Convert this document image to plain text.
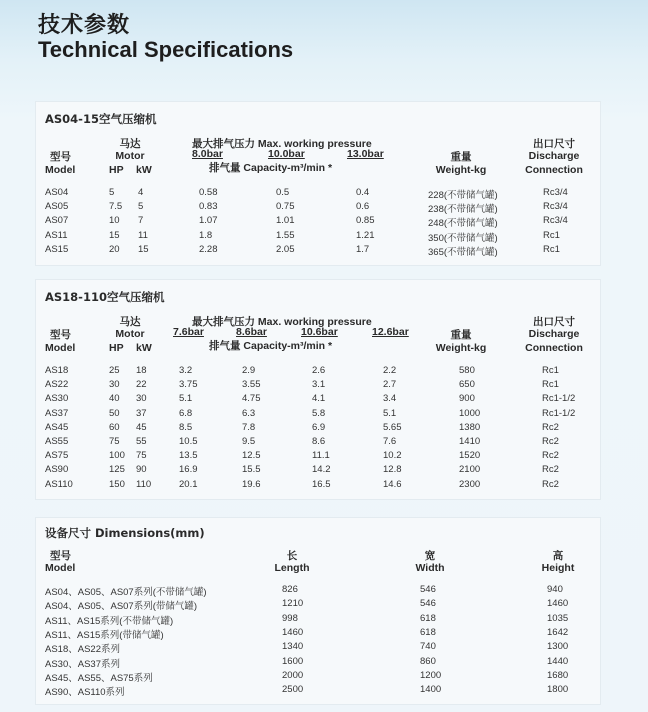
技术参数
Technical Specifications
AS04-15空气压缩机
型号
Model
马达
Motor
HP kW
最大排气压力 Max. working pressure
8.0bar	10.0bar	13.0bar
排气量 Capacity-m³/min *
重量
Weight-kg
出口尺寸
Discharge
Connection
AS04	5 4	0.58	0.5	0.4	228(不带储气罐)	Rc3/4
AS05	7.5 5	0.83	0.75	0.6	238(不带储气罐)	Rc3/4
AS07	10 7	1.07	1.01	0.85	248(不带储气罐)	Rc3/4
AS11	15 11	1.8	1.55	1.21	350(不带储气罐)	Rc1
AS15	20 15	2.28	2.05	1.7	365(不带储气罐)	Rc1
AS18-110空气压缩机
型号
Model
马达
Motor
HP kW
最大排气压力 Max. working pressure
7.6bar	8.6bar	10.6bar	12.6bar
排气量 Capacity-m³/min *
重量
Weight-kg
出口尺寸
Discharge
Connection
AS18	25 18	3.2	2.9	2.6	2.2	580	Rc1
AS22	30 22	3.75	3.55	3.1	2.7	650	Rc1
AS30	40 30	5.1	4.75	4.1	3.4	900	Rc1-1/2
AS37	50 37	6.8	6.3	5.8	5.1	1000	Rc1-1/2
AS45	60 45	8.5	7.8	6.9	5.65	1380	Rc2
AS55	75 55	10.5	9.5	8.6	7.6	1410	Rc2
AS75	100 75	13.5	12.5	11.1	10.2	1520	Rc2
AS90	125 90	16.9	15.5	14.2	12.8	2100	Rc2
AS110	150 110	20.1	19.6	16.5	14.6	2300	Rc2
设备尺寸 Dimensions(mm)
型号
Model
长
Length
宽
Width
高
Height
AS04、AS05、AS07系列(不带储气罐)	826	546	940
AS04、AS05、AS07系列(带储气罐)	1210	546	1460
AS11、AS15系列(不带储气罐)	998	618	1035
AS11、AS15系列(带储气罐)	1460	618	1642
AS18、AS22系列	1340	740	1300
AS30、AS37系列	1600	860	1440
AS45、AS55、AS75系列	2000	1200	1680
AS90、AS110系列	2500	1400	1800
